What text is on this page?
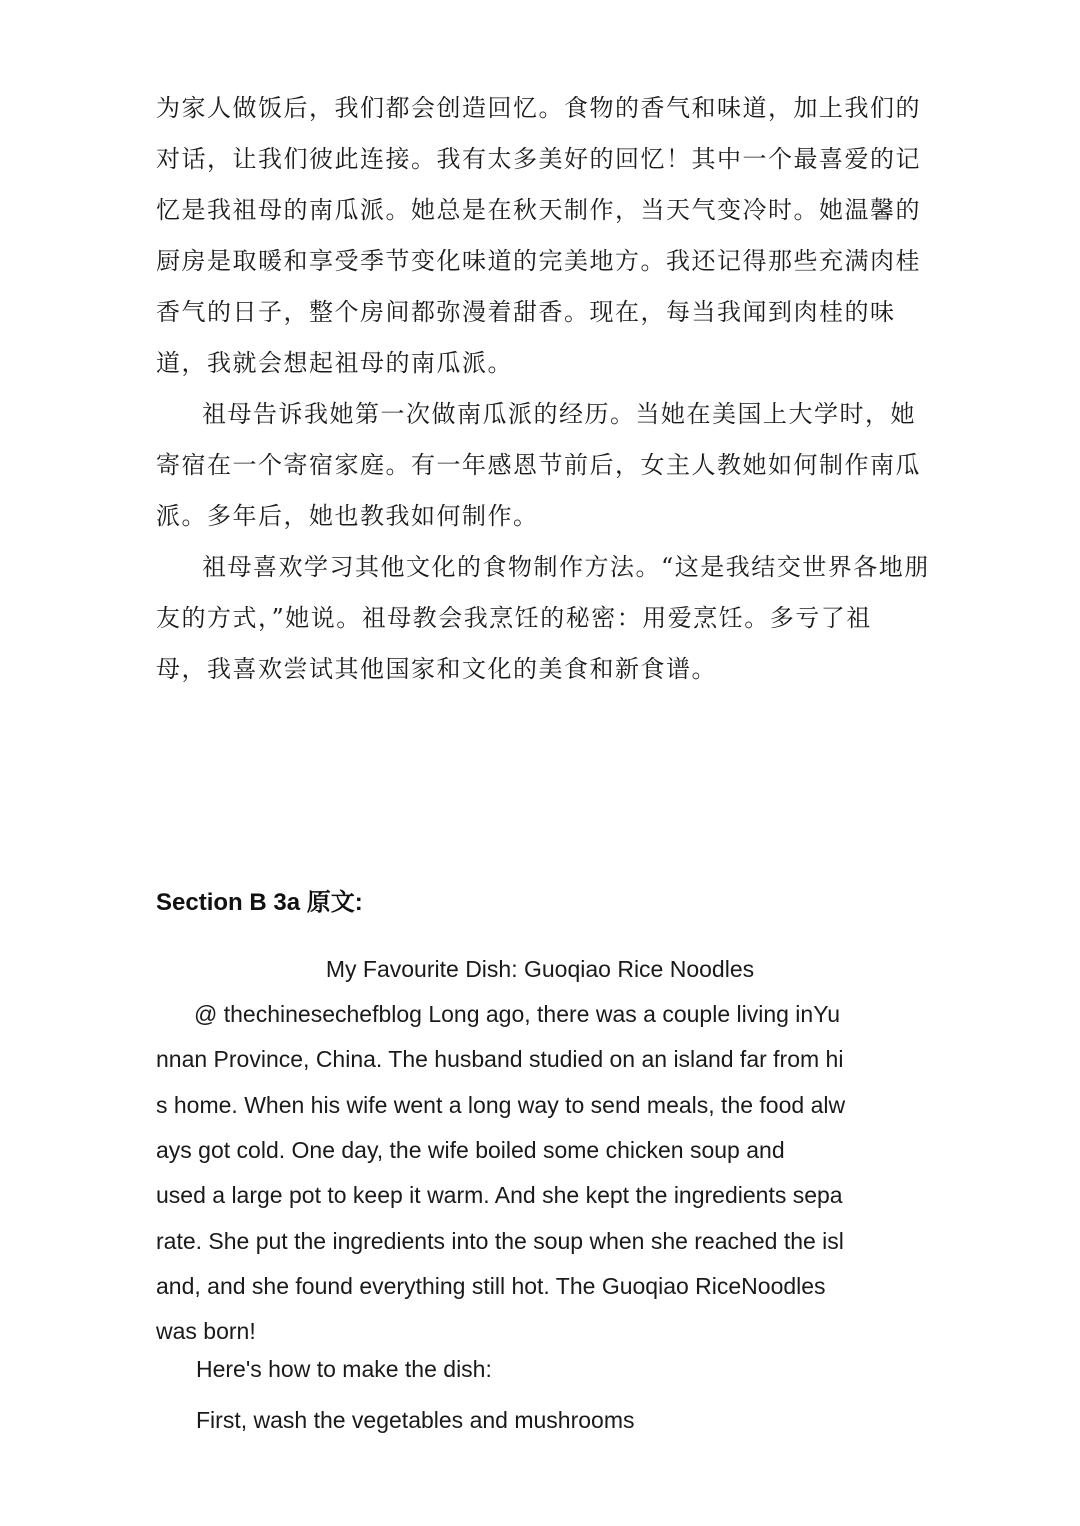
为家人做饭后，我们都会创造回忆。食物的香气和味道，加上我们的

对话，让我们彼此连接。我有太多美好的回忆！其中一个最喜爱的记

忆是我祖母的南瓜派。她总是在秋天制作，当天气变冷时。她温馨的

厨房是取暖和享受季节变化味道的完美地方。我还记得那些充满肉桂

香气的日子，整个房间都弥漫着甜香。现在，每当我闻到肉桂的味

道，我就会想起祖母的南瓜派。

祖母告诉我她第一次做南瓜派的经历。当她在美国上大学时，她

寄宿在一个寄宿家庭。有一年感恩节前后，女主人教她如何制作南瓜

派。多年后，她也教我如何制作。

祖母喜欢学习其他文化的食物制作方法。“这是我结交世界各地朋

友的方式，”她说。祖母教会我烹饪的秘密：用爱烹饪。多亏了祖

母，我喜欢尝试其他国家和文化的美食和新食谱。

Section B 3a 原文:

My Favourite Dish: Guoqiao Rice Noodles

@ thechinesechefblog Long ago, there was a couple living inYu

nnan Province, China. The husband studied on an island far from hi

s home. When his wife went a long way to send meals, the food alw

ays got cold. One day, the wife boiled some chicken soup and

used a large pot to keep it warm. And she kept the ingredients sepa

rate. She put the ingredients into the soup when she reached the isl

and, and she found everything still hot. The Guoqiao RiceNoodles

was born!

Here's how to make the dish:

First, wash the vegetables and mushrooms
